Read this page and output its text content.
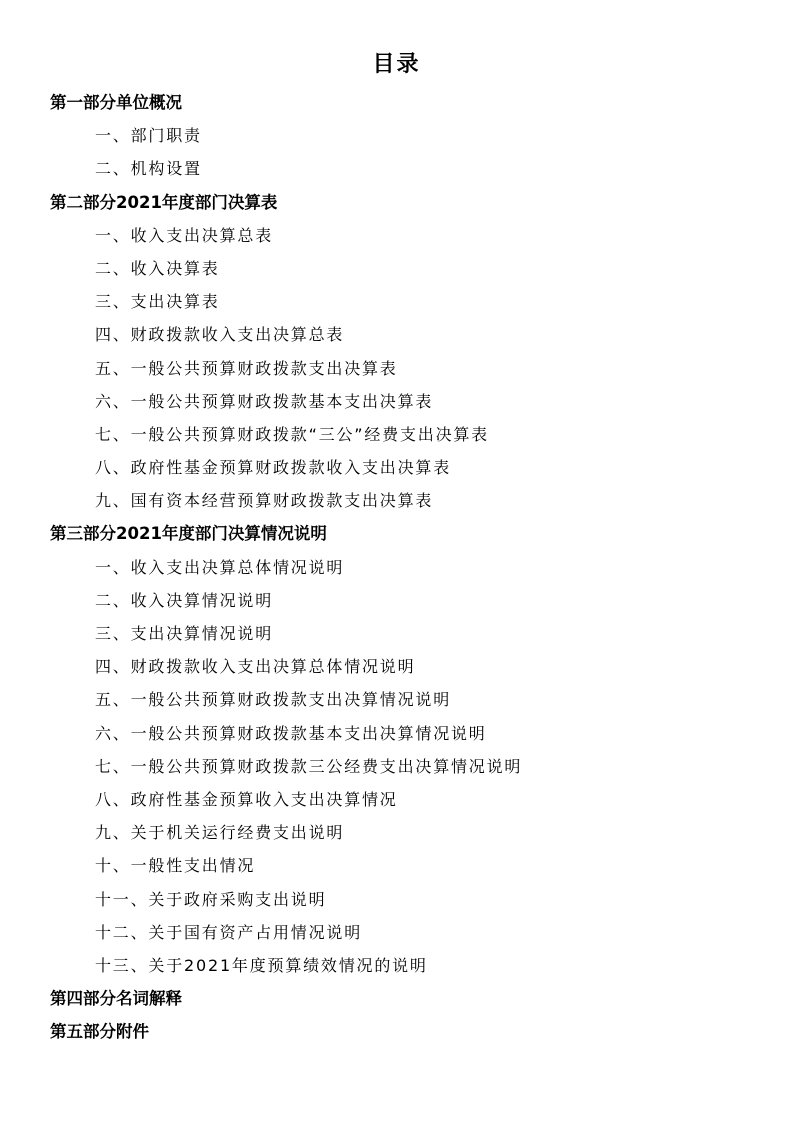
目录
第一部分单位概况
一、部门职责
二、机构设置
第二部分2021年度部门决算表
一、收入支出决算总表
二、收入决算表
三、支出决算表
四、财政拨款收入支出决算总表
五、一般公共预算财政拨款支出决算表
六、一般公共预算财政拨款基本支出决算表
七、一般公共预算财政拨款“三公”经费支出决算表
八、政府性基金预算财政拨款收入支出决算表
九、国有资本经营预算财政拨款支出决算表
第三部分2021年度部门决算情况说明
一、收入支出决算总体情况说明
二、收入决算情况说明
三、支出决算情况说明
四、财政拨款收入支出决算总体情况说明
五、一般公共预算财政拨款支出决算情况说明
六、一般公共预算财政拨款基本支出决算情况说明
七、一般公共预算财政拨款三公经费支出决算情况说明
八、政府性基金预算收入支出决算情况
九、关于机关运行经费支出说明
十、一般性支出情况
十一、关于政府采购支出说明
十二、关于国有资产占用情况说明
十三、关于2021年度预算绩效情况的说明
第四部分名词解释
第五部分附件
